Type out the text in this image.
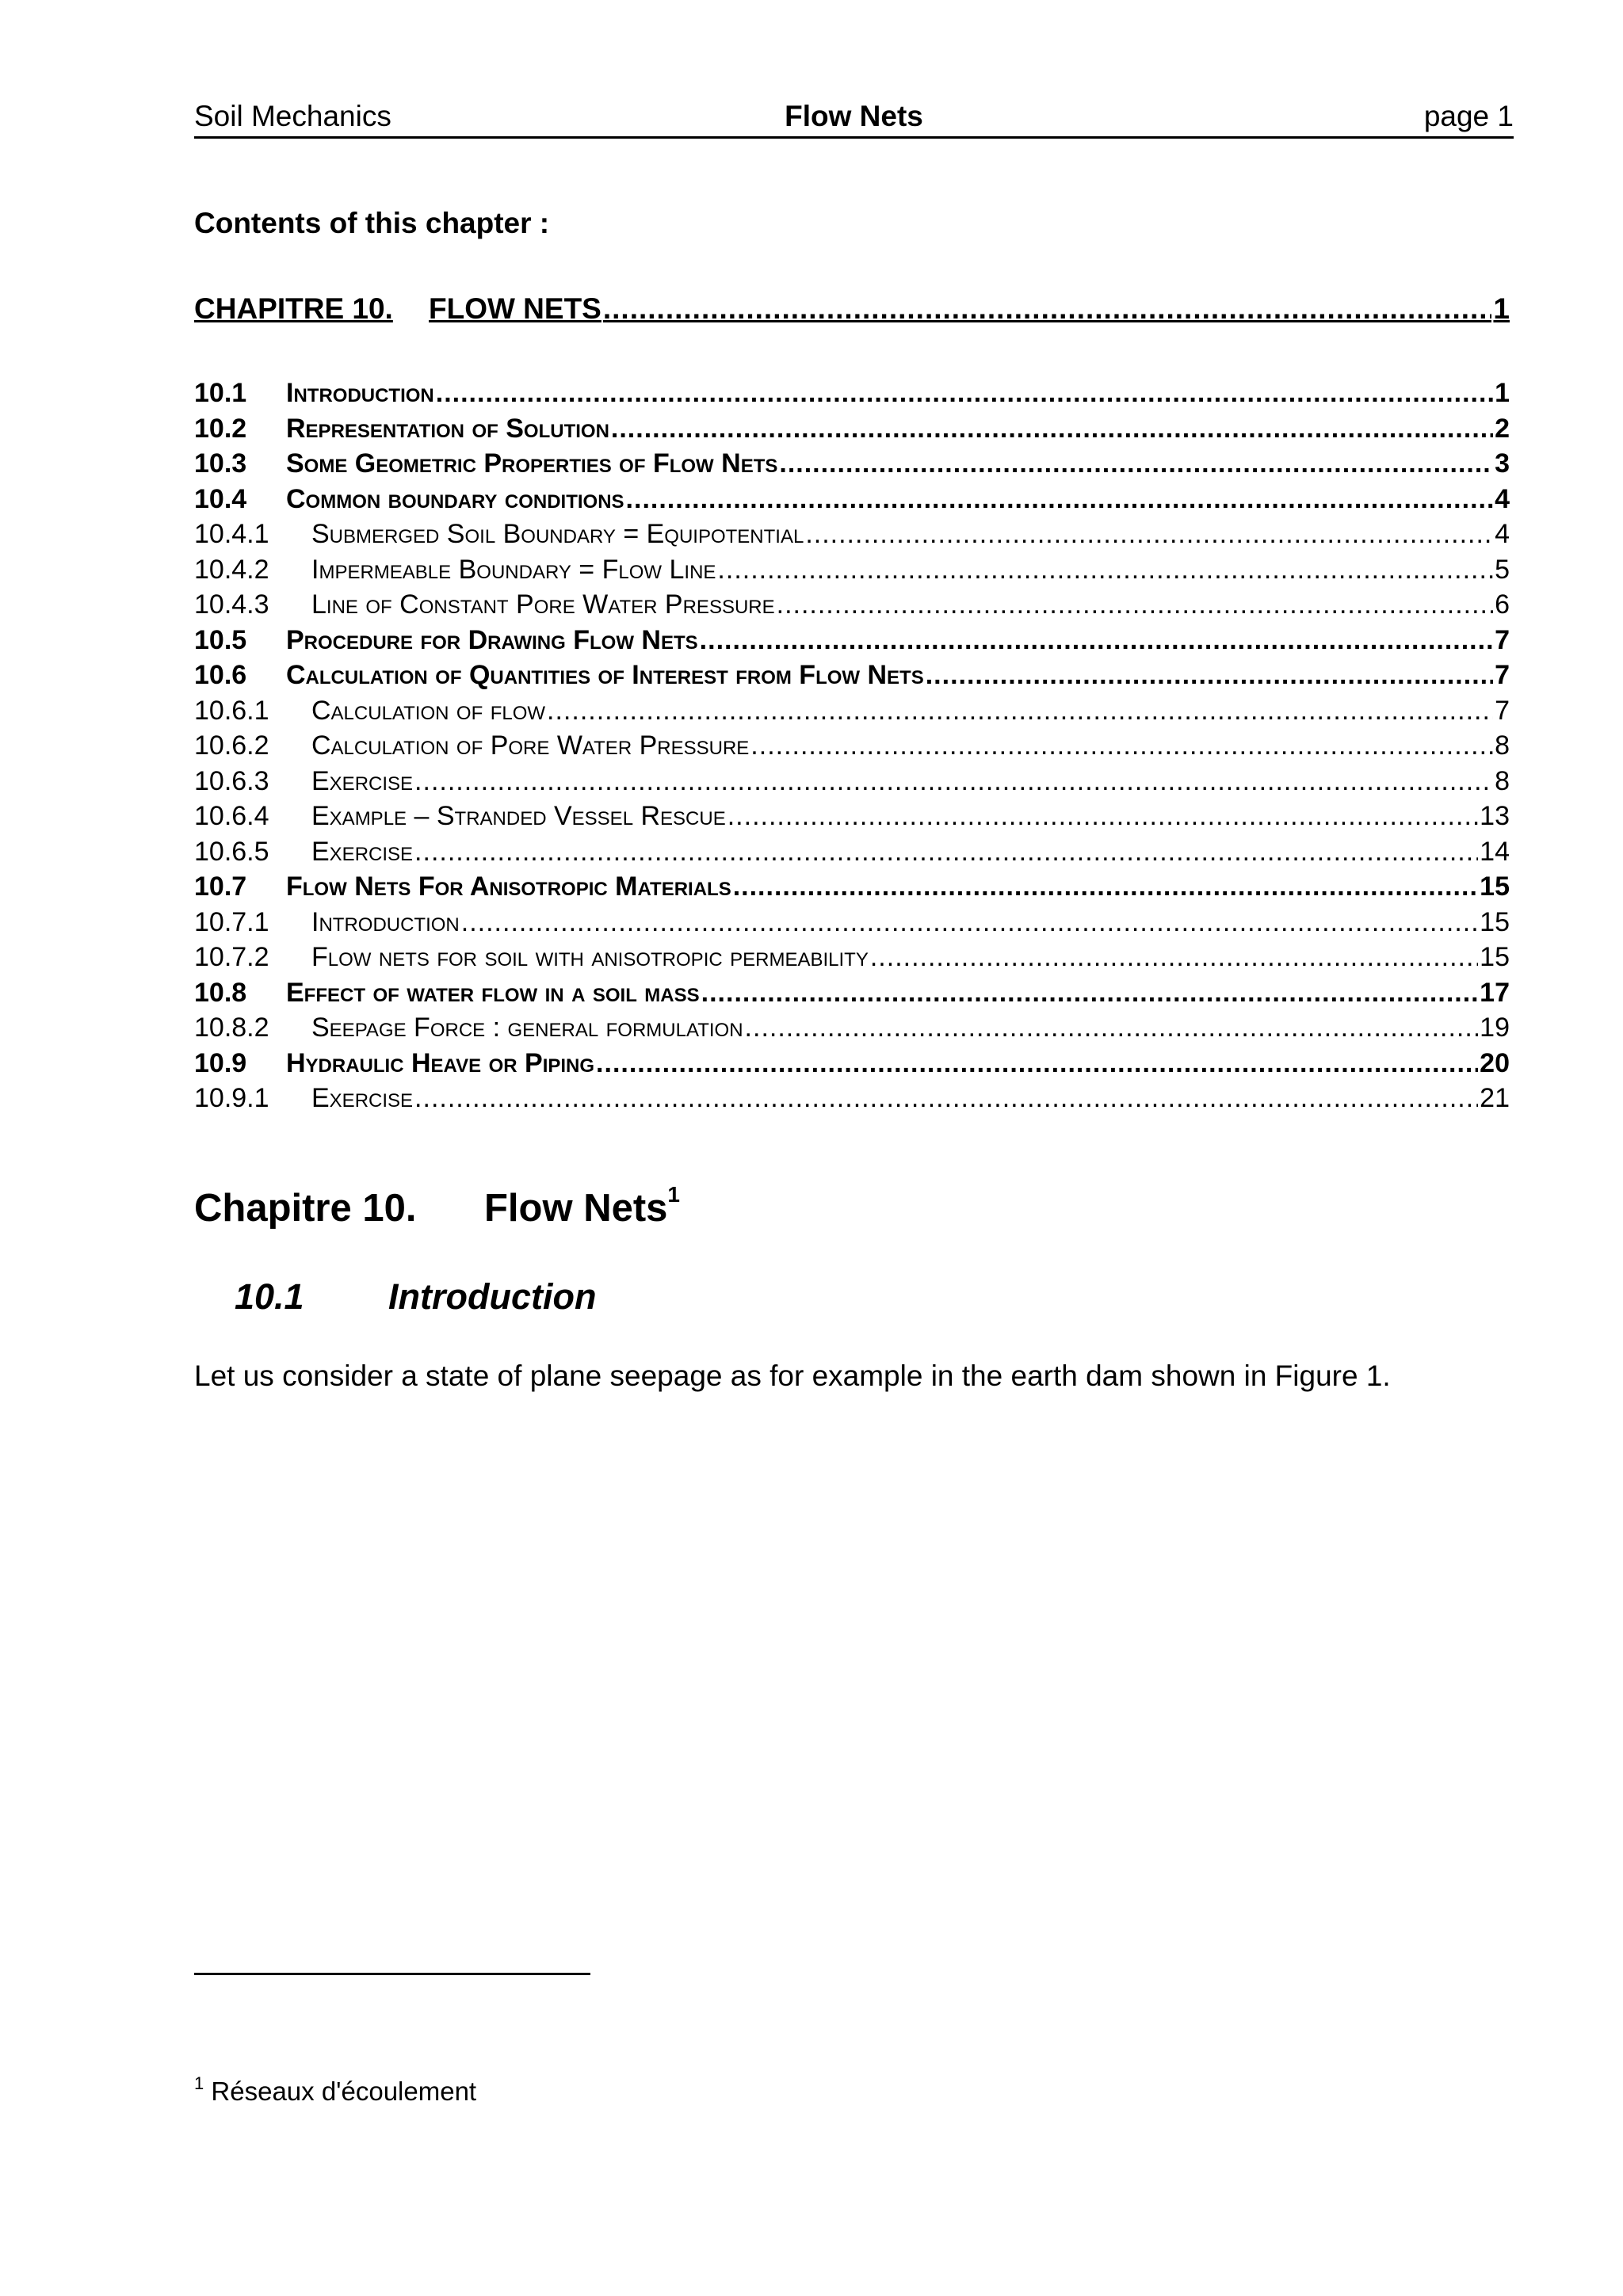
Soil Mechanics	Flow Nets	page 1
Contents of this chapter :
CHAPITRE 10.	FLOW NETS .....	1
10.1	Introduction .....	1
10.2	Representation of Solution .....	2
10.3	Some Geometric Properties of Flow Nets .....	3
10.4	Common boundary conditions .....	4
10.4.1	Submerged Soil Boundary = Equipotential .....	4
10.4.2	Impermeable Boundary = Flow Line .....	5
10.4.3	Line of Constant Pore Water Pressure .....	6
10.5	Procedure for Drawing Flow Nets .....	7
10.6	Calculation of Quantities of Interest from Flow Nets .....	7
10.6.1	Calculation of flow .....	7
10.6.2	Calculation of Pore Water Pressure .....	8
10.6.3	Exercise .....	8
10.6.4	Example – Stranded Vessel Rescue .....	13
10.6.5	Exercise .....	14
10.7	Flow Nets For Anisotropic Materials .....	15
10.7.1	Introduction .....	15
10.7.2	Flow nets for soil with anisotropic permeability .....	15
10.8	Effect of water flow in a soil mass .....	17
10.8.2	Seepage Force : general formulation .....	19
10.9	Hydraulic Heave or Piping .....	20
10.9.1	Exercise .....	21
Chapitre 10. Flow Nets$^1$
10.1 Introduction
Let us consider a state of plane seepage as for example in the earth dam shown in Figure 1.
$^1$ Réseaux d'écoulement
